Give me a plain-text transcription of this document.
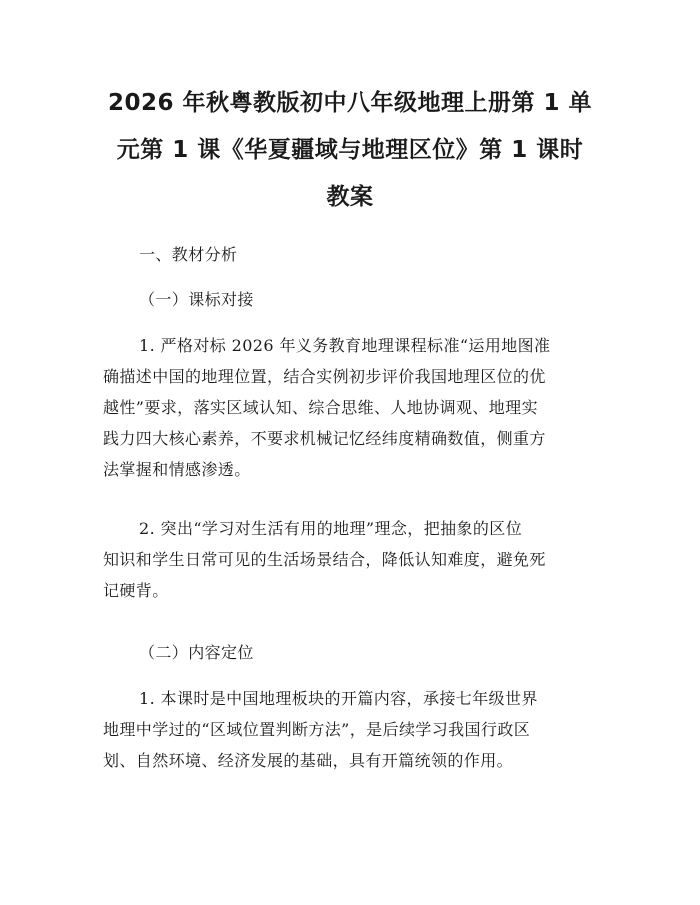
2026 年秋粤教版初中八年级地理上册第 1 单
元第 1 课《华夏疆域与地理区位》第 1 课时
教案
一、教材分析
（一）课标对接
1. 严格对标 2026 年义务教育地理课程标准“运用地图准
确描述中国的地理位置，结合实例初步评价我国地理区位的优
越性”要求，落实区域认知、综合思维、人地协调观、地理实
践力四大核心素养，不要求机械记忆经纬度精确数值，侧重方
法掌握和情感渗透。
2. 突出“学习对生活有用的地理”理念，把抽象的区位
知识和学生日常可见的生活场景结合，降低认知难度，避免死
记硬背。
（二）内容定位
1. 本课时是中国地理板块的开篇内容，承接七年级世界
地理中学过的“区域位置判断方法”，是后续学习我国行政区
划、自然环境、经济发展的基础，具有开篇统领的作用。
